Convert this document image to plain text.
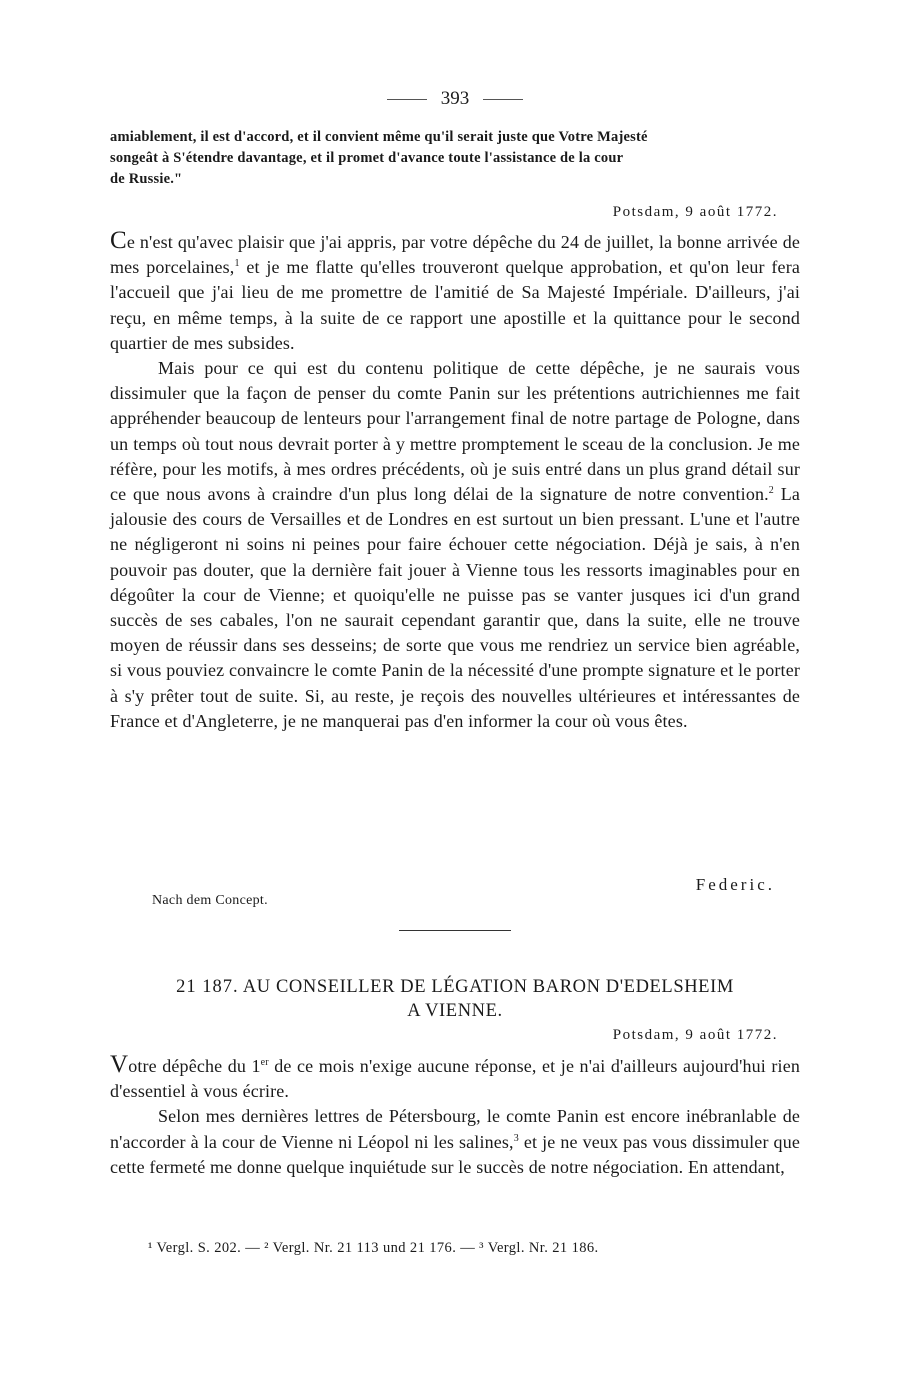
393
amiablement, il est d'accord, et il convient même qu'il serait juste que Votre Majesté
songeât à S'étendre davantage, et il promet d'avance toute l'assistance de la cour
de Russie."
Potsdam, 9 août 1772.

Ce n'est qu'avec plaisir que j'ai appris, par votre dépêche du 24 de juillet, la bonne arrivée de mes porcelaines,$^1$ et je me flatte qu'elles trouveront quelque approbation, et qu'on leur fera l'accueil que j'ai lieu de me promettre de l'amitié de Sa Majesté Impériale. D'ailleurs, j'ai reçu, en même temps, à la suite de ce rapport une apostille et la quittance pour le second quartier de mes subsides.

Mais pour ce qui est du contenu politique de cette dépêche, je ne saurais vous dissimuler que la façon de penser du comte Panin sur les prétentions autrichiennes me fait appréhender beaucoup de lenteurs pour l'arrangement final de notre partage de Pologne, dans un temps où tout nous devrait porter à y mettre promptement le sceau de la conclusion. Je me réfère, pour les motifs, à mes ordres précédents, où je suis entré dans un plus grand détail sur ce que nous avons à craindre d'un plus long délai de la signature de notre convention.$^2$ La jalousie des cours de Versailles et de Londres en est surtout un bien pressant. L'une et l'autre ne négligeront ni soins ni peines pour faire échouer cette négociation. Déjà je sais, à n'en pouvoir pas douter, que la dernière fait jouer à Vienne tous les ressorts imaginables pour en dégoûter la cour de Vienne; et quoiqu'elle ne puisse pas se vanter jusques ici d'un grand succès de ses cabales, l'on ne saurait cependant garantir que, dans la suite, elle ne trouve moyen de réussir dans ses desseins; de sorte que vous me rendriez un service bien agréable, si vous pouviez convaincre le comte Panin de la nécessité d'une prompte signature et le porter à s'y prêter tout de suite. Si, au reste, je reçois des nouvelles ultérieures et intéressantes de France et d'Angleterre, je ne manquerai pas d'en informer la cour où vous êtes.

Federic.
Nach dem Concept.
21 187. AU CONSEILLER DE LÉGATION BARON D'EDELSHEIM
A VIENNE.
Potsdam, 9 août 1772.

Votre dépêche du 1er de ce mois n'exige aucune réponse, et je n'ai d'ailleurs aujourd'hui rien d'essentiel à vous écrire.

Selon mes dernières lettres de Pétersbourg, le comte Panin est encore inébranlable de n'accorder à la cour de Vienne ni Léopol ni les salines,$^3$ et je ne veux pas vous dissimuler que cette fermeté me donne quelque inquiétude sur le succès de notre négociation. En attendant,

¹ Vergl. S. 202. — ² Vergl. Nr. 21 113 und 21 176. — ³ Vergl. Nr. 21 186.
